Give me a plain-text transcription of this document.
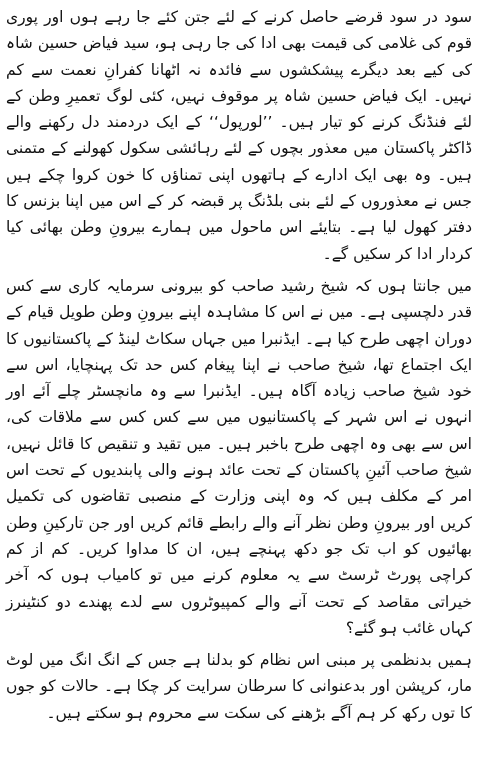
سود در سود قرضے حاصل کرنے کے لئے جتن کئے جا رہے ہوں اور پوری قوم کی غلامی کی قیمت بھی ادا کی جا رہی ہو، سید فیاض حسین شاہ کی کیے بعد دیگرے پیشکشوں سے فائدہ نہ اٹھانا کفرانِ نعمت سے کم نہیں۔ ایک فیاض حسین شاہ پر موقوف نہیں، کئی لوگ تعمیرِ وطن کے لئے فنڈنگ کرنے کو تیار ہیں۔ ’’لورپول‘‘ کے ایک دردمند دل رکھنے والے ڈاکٹر پاکستان میں معذور بچوں کے لئے رہائشی سکول کھولنے کے متمنی ہیں۔ وہ بھی ایک ادارے کے ہاتھوں اپنی تمناؤں کا خون کروا چکے ہیں جس نے معذوروں کے لئے بنی بلڈنگ پر قبضہ کر کے اس میں اپنا بزنس کا دفتر کھول لیا ہے۔ بتایئے اس ماحول میں ہمارے بیرونِ وطن بھائی کیا کردار ادا کر سکیں گے۔

میں جانتا ہوں کہ شیخ رشید صاحب کو بیرونی سرمایہ کاری سے کس قدر دلچسپی ہے۔ میں نے اس کا مشاہدہ اپنے بیرونِ وطن طویل قیام کے دوران اچھی طرح کیا ہے۔ ایڈنبرا میں جہاں سکاٹ لینڈ کے پاکستانیوں کا ایک اجتماع تھا، شیخ صاحب نے اپنا پیغام کس حد تک پہنچایا، اس سے خود شیخ صاحب زیادہ آگاہ ہیں۔ ایڈنبرا سے وہ مانچسٹر چلے آئے اور انہوں نے اس شہر کے پاکستانیوں میں سے کس کس سے ملاقات کی، اس سے بھی وہ اچھی طرح باخبر ہیں۔ میں تقید و تنقیص کا قائل نہیں، شیخ صاحب آئینِ پاکستان کے تحت عائد ہونے والی پابندیوں کے تحت اس امر کے مکلف ہیں کہ وہ اپنی وزارت کے منصبی تقاضوں کی تکمیل کریں اور بیرونِ وطن نظر آنے والے رابطے قائم کریں اور جن تارکینِ وطن بھائیوں کو اب تک جو دکھ پہنچے ہیں، ان کا مداوا کریں۔ کم از کم کراچی پورٹ ٹرسٹ سے یہ معلوم کرنے میں تو کامیاب ہوں کہ آخر خیراتی مقاصد کے تحت آنے والے کمپیوٹروں سے لدے پھندے دو کنٹینرز کہاں غائب ہو گئے؟

ہمیں بدنظمی پر مبنی اس نظام کو بدلنا ہے جس کے انگ انگ میں لوٹ مار، کرپشن اور بدعنوانی کا سرطان سرایت کر چکا ہے۔ حالات کو جوں کا توں رکھ کر ہم آگے بڑھنے کی سکت سے محروم ہو سکتے ہیں۔
